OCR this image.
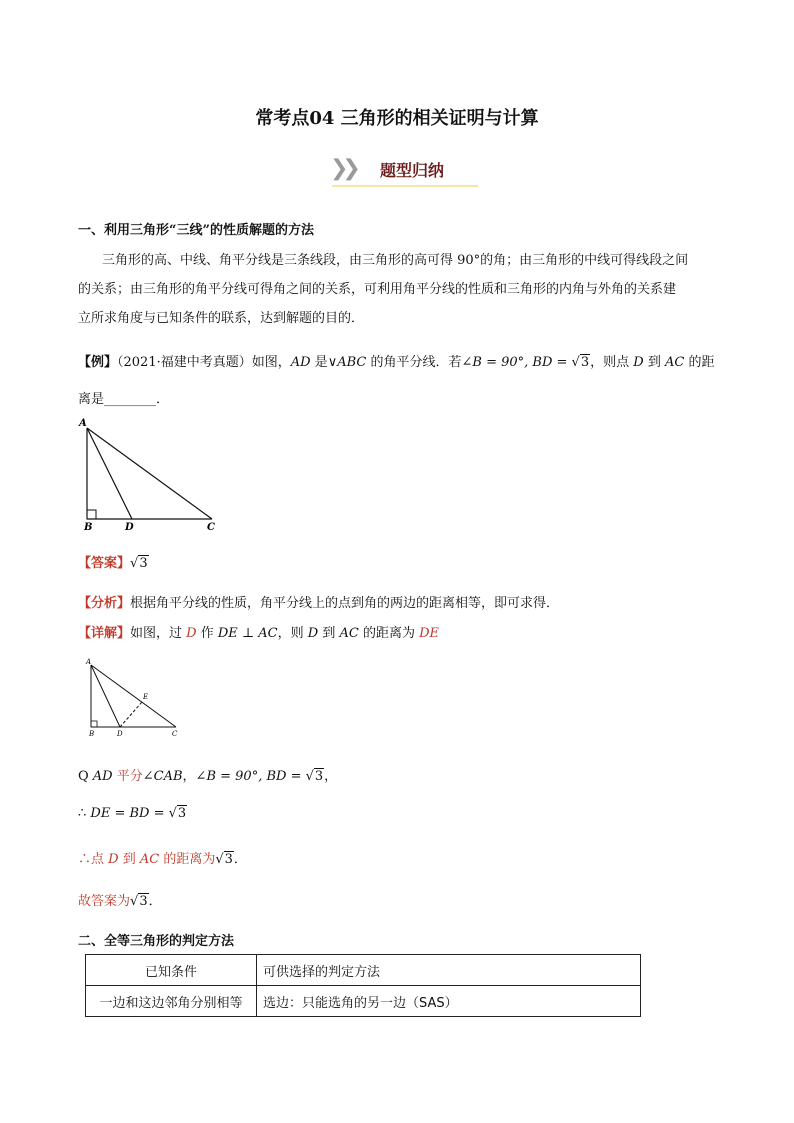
常考点04 三角形的相关证明与计算
❯❯ 题型归纳
一、利用三角形“三线”的性质解题的方法
三角形的高、中线、角平分线是三条线段，由三角形的高可得 90°的角；由三角形的中线可得线段之间
的关系；由三角形的角平分线可得角之间的关系，可利用角平分线的性质和三角形的内角与外角的关系建
立所求角度与已知条件的联系，达到解题的目的．
【例】（2021·福建中考真题）如图，AD 是∨ABC 的角平分线．若∠B = 90°, BD = √3，则点 D 到 AC 的距
离是________．
A
B	D	C
【答案】√3
【分析】根据角平分线的性质，角平分线上的点到角的两边的距离相等，即可求得．
【详解】如图，过 D 作 DE ⊥ AC，则 D 到 AC 的距离为 DE
A
B	D	C
E
Q AD 平分∠CAB，∠B = 90°, BD = √3，
∴ DE = BD = √3
∴点 D 到 AC 的距离为√3．
故答案为√3．
二、全等三角形的判定方法
已知条件	可供选择的判定方法
一边和这边邻角分别相等	选边：只能选角的另一边（SAS）
